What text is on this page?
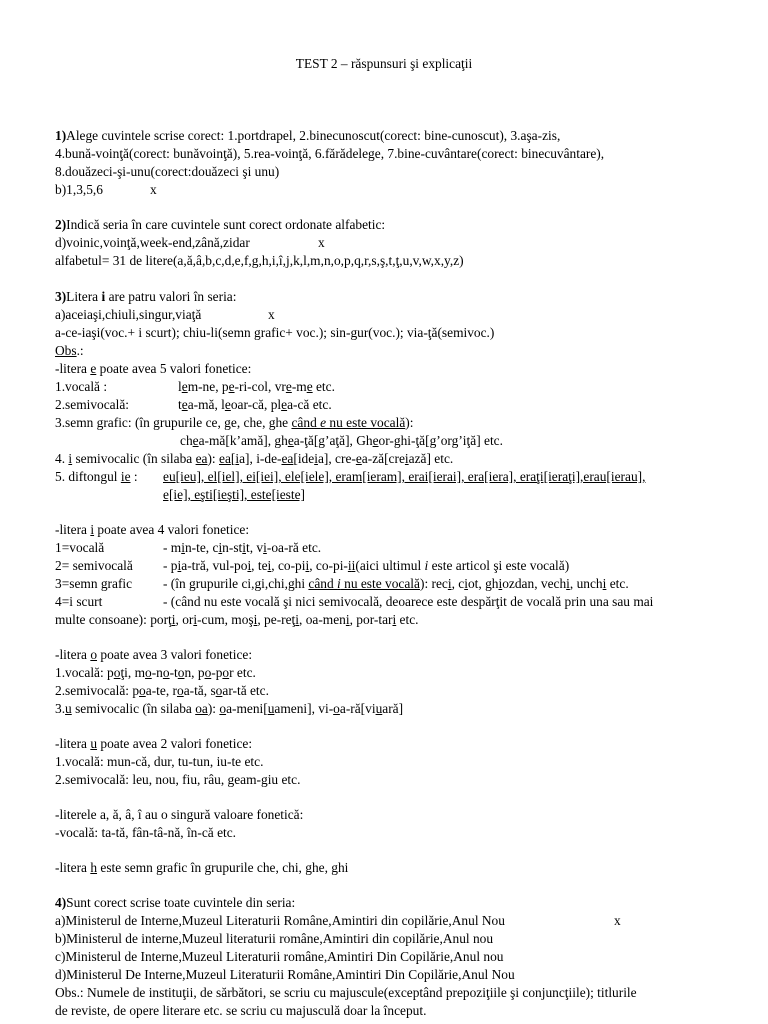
TEST 2 – răspunsuri şi explicaţii
1)Alege cuvintele scrise corect: 1.portdrapel, 2.binecunoscut(corect: bine-cunoscut), 3.aşa-zis,
4.bună-voinţă(corect: bunăvoinţă), 5.rea-voinţă, 6.fărădelege, 7.bine-cuvântare(corect: binecuvântare),
8.douăzeci-şi-unu(corect:douăzeci şi unu)
b)1,3,5,6	x
2)Indică seria în care cuvintele sunt corect ordonate alfabetic:
d)voinic,voinţă,week-end,zână,zidar	x
alfabetul= 31 de litere(a,ă,â,b,c,d,e,f,g,h,i,î,j,k,l,m,n,o,p,q,r,s,ş,t,ţ,u,v,w,x,y,z)
3)Litera i are patru valori în seria:
a)aceiaşi,chiuli,singur,viaţă	x
a-ce-iaşi(voc.+ i scurt); chiu-li(semn grafic+ voc.); sin-gur(voc.); via-ţă(semivoc.)
Obs.:
-litera e poate avea 5 valori fonetice:
1.vocală :	lem-ne, pe-ri-col, vre-me etc.
2.semivocală:	tea-mă, leoar-că, plea-că etc.
3.semn grafic: (în grupurile ce, ge, che, ghe când e nu este vocală):
chea-mă[k’amă], ghea-ţă[g’aţă], Gheor-ghi-ţă[g’org’iţă] etc.
4. i semivocalic (în silaba ea): ea[ia], i-de-ea[ideia], cre-ea-ză[creiază] etc.
5. diftongul ie : eu[ieu], el[iel], ei[iei], ele[iele], eram[ieram], erai[ierai], era[iera], eraţi[ieraţi],erau[ierau],
e[ie], eşti[ieşti], este[ieste]
-litera i poate avea 4 valori fonetice:
1=vocală	- min-te, cin-stit, vi-oa-ră etc.
2= semivocală - pia-tră, vul-poi, tei, co-pii, co-pi-ii(aici ultimul i este articol şi este vocală)
3=semn grafic - (în grupurile ci,gi,chi,ghi când i nu este vocală): reci, ciot, ghiozdan, vechi, unchi etc.
4=i scurt	- (când nu este vocală şi nici semivocală, deoarece este despărţit de vocală prin una sau mai
multe consoane): porţi, ori-cum, moşi, pe-reţi, oa-meni, por-tari etc.
-litera o poate avea 3 valori fonetice:
1.vocală: poţi, mo-no-ton, po-por etc.
2.semivocală: poa-te, roa-tă, soar-tă etc.
3.u semivocalic (în silaba oa): oa-meni[uameni], vi-oa-ră[viuară]
-litera u poate avea 2 valori fonetice:
1.vocală: mun-că, dur, tu-tun, iu-te etc.
2.semivocală: leu, nou, fiu, râu, geam-giu etc.
-literele a, ă, â, î au o singură valoare fonetică:
-vocală: ta-tă, fân-tâ-nă, în-că etc.
-litera h este semn grafic în grupurile che, chi, ghe, ghi
4)Sunt corect scrise toate cuvintele din seria:
a)Ministerul de Interne,Muzeul Literaturii Române,Amintiri din copilărie,Anul Nou	x
b)Ministerul de interne,Muzeul literaturii române,Amintiri din copilărie,Anul nou
c)Ministerul de Interne,Muzeul Literaturii române,Amintiri Din Copilărie,Anul nou
d)Ministerul De Interne,Muzeul Literaturii Române,Amintiri Din Copilărie,Anul Nou
Obs.: Numele de instituţii, de sărbători, se scriu cu majuscule(exceptând prepoziţiile şi conjuncţiile); titlurile
de reviste, de opere literare etc. se scriu cu majusculă doar la început.
